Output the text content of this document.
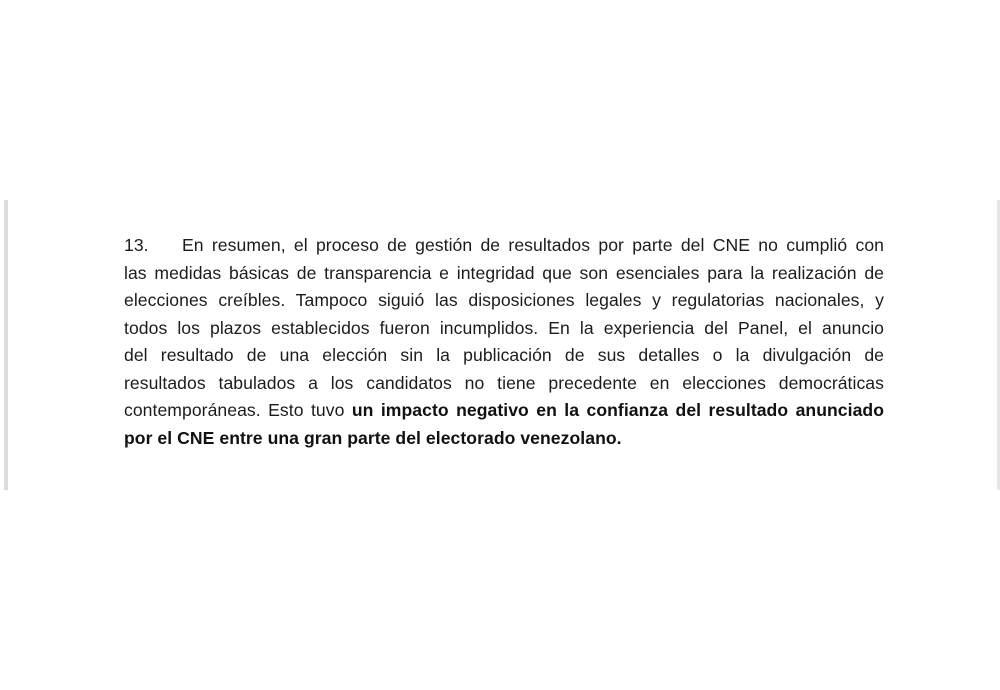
13. En resumen, el proceso de gestión de resultados por parte del CNE no cumplió con
las medidas básicas de transparencia e integridad que son esenciales para la realización de
elecciones creíbles. Tampoco siguió las disposiciones legales y regulatorias nacionales, y
todos los plazos establecidos fueron incumplidos. En la experiencia del Panel, el anuncio
del resultado de una elección sin la publicación de sus detalles o la divulgación de
resultados tabulados a los candidatos no tiene precedente en elecciones democráticas
contemporáneas. Esto tuvo un impacto negativo en la confianza del resultado anunciado
por el CNE entre una gran parte del electorado venezolano.
